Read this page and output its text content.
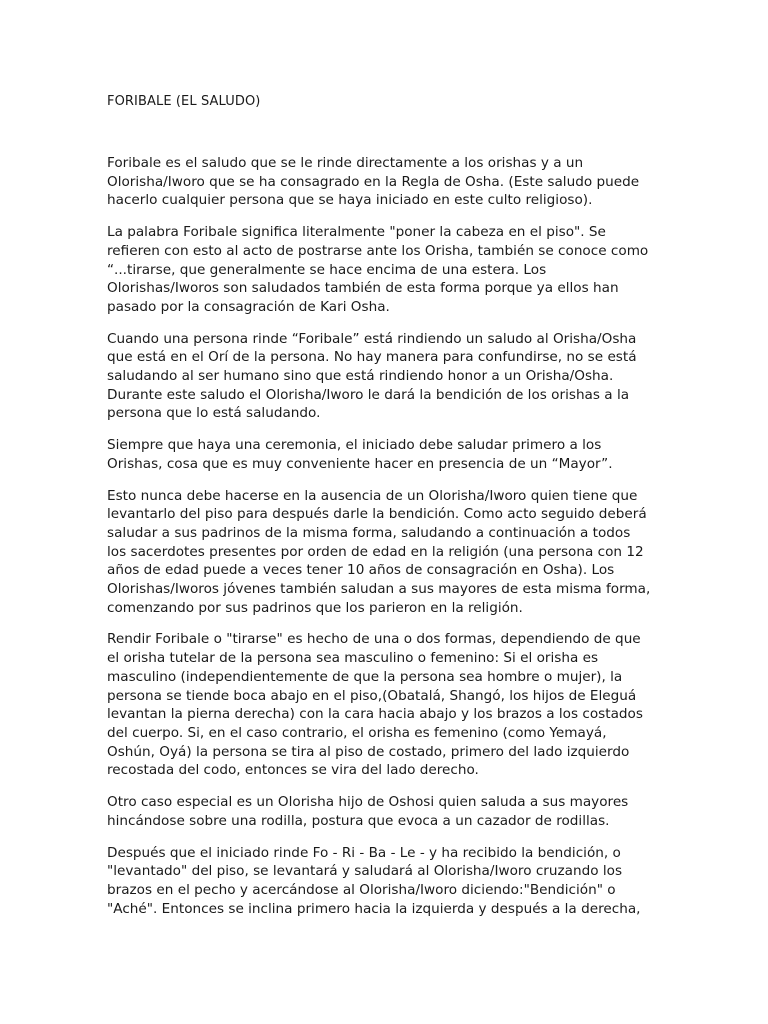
FORIBALE (EL SALUDO)

Foribale es el saludo que se le rinde directamente a los orishas y a un
Olorisha/Iworo que se ha consagrado en la Regla de Osha. (Este saludo puede
hacerlo cualquier persona que se haya iniciado en este culto religioso).

La palabra Foribale significa literalmente "poner la cabeza en el piso". Se
refieren con esto al acto de postrarse ante los Orisha, también se conoce como
“...tirarse, que generalmente se hace encima de una estera. Los
Olorishas/Iworos son saludados también de esta forma porque ya ellos han
pasado por la consagración de Kari Osha.

Cuando una persona rinde “Foribale” está rindiendo un saludo al Orisha/Osha
que está en el Orí de la persona. No hay manera para confundirse, no se está
saludando al ser humano sino que está rindiendo honor a un Orisha/Osha.
Durante este saludo el Olorisha/Iworo le dará la bendición de los orishas a la
persona que lo está saludando.

Siempre que haya una ceremonia, el iniciado debe saludar primero a los
Orishas, cosa que es muy conveniente hacer en presencia de un “Mayor”.

Esto nunca debe hacerse en la ausencia de un Olorisha/Iworo quien tiene que
levantarlo del piso para después darle la bendición. Como acto seguido deberá
saludar a sus padrinos de la misma forma, saludando a continuación a todos
los sacerdotes presentes por orden de edad en la religión (una persona con 12
años de edad puede a veces tener 10 años de consagración en Osha). Los
Olorishas/Iworos jóvenes también saludan a sus mayores de esta misma forma,
comenzando por sus padrinos que los parieron en la religión.

Rendir Foribale o "tirarse" es hecho de una o dos formas, dependiendo de que
el orisha tutelar de la persona sea masculino o femenino: Si el orisha es
masculino (independientemente de que la persona sea hombre o mujer), la
persona se tiende boca abajo en el piso,(Obatalá, Shangó, los hijos de Eleguá
levantan la pierna derecha) con la cara hacia abajo y los brazos a los costados
del cuerpo. Si, en el caso contrario, el orisha es femenino (como Yemayá,
Oshún, Oyá) la persona se tira al piso de costado, primero del lado izquierdo
recostada del codo, entonces se vira del lado derecho.

Otro caso especial es un Olorisha hijo de Oshosi quien saluda a sus mayores
hincándose sobre una rodilla, postura que evoca a un cazador de rodillas.

Después que el iniciado rinde Fo - Ri - Ba - Le - y ha recibido la bendición, o
"levantado" del piso, se levantará y saludará al Olorisha/Iworo cruzando los
brazos en el pecho y acercándose al Olorisha/Iworo diciendo:"Bendición" o
"Aché". Entonces se inclina primero hacia la izquierda y después a la derecha,
